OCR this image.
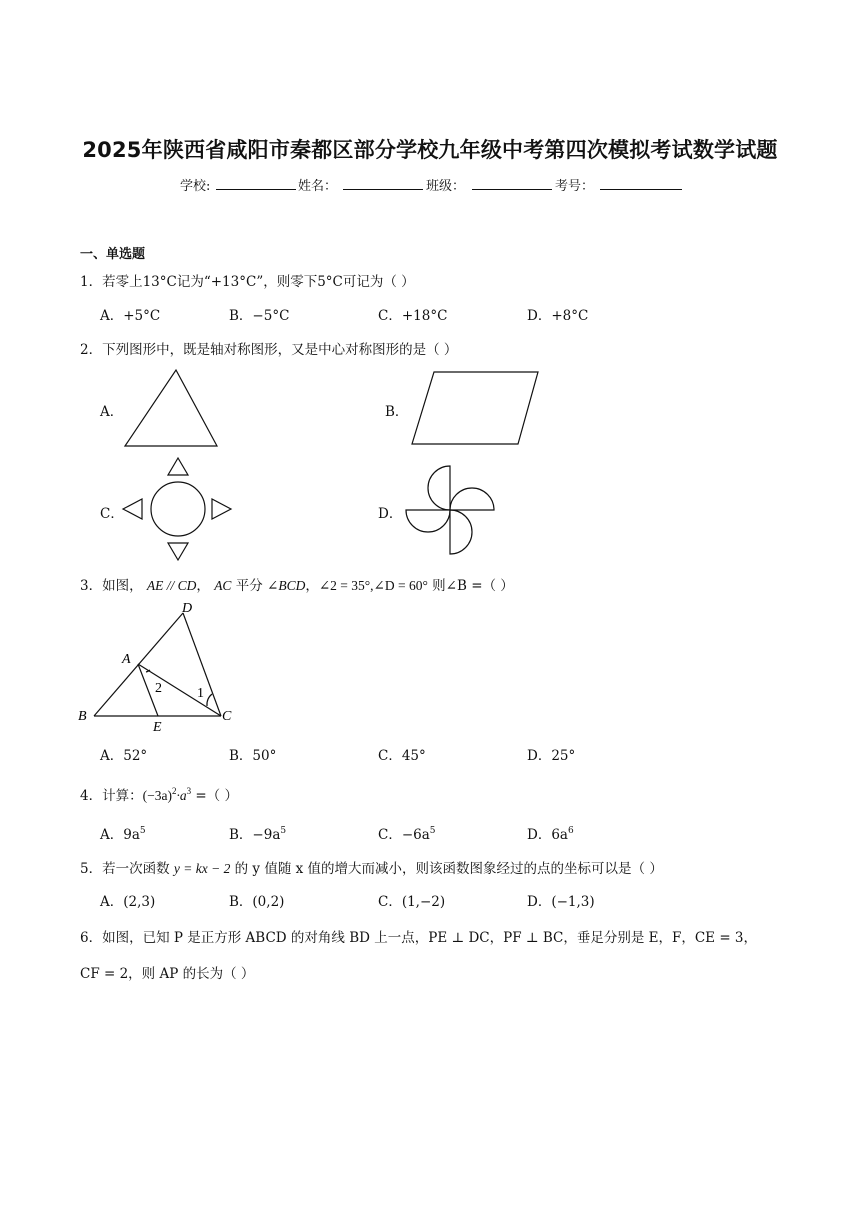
2025年陕西省咸阳市秦都区部分学校九年级中考第四次模拟考试数学试题
学校:	姓名：	班级：	考号：
一、单选题
1．若零上13°C记为“+13°C”，则零下5°C可记为（ ）
A．+5°C	B．−5°C	C．+18°C	D．+8°C
2．下列图形中，既是轴对称图形，又是中心对称图形的是（ ）
A．	B．
C．	D．
3．如图， AE // CD， AC 平分 ∠BCD，∠2 = 35°,∠D = 60° 则∠B =（ ）
D
A
B
E
C
1
2
A．52°	B．50°	C．45°	D．25°
4．计算：$(-3a)^2\cdot a^3$ =（ ）
A．$9a^5$	B．$-9a^5$	C．$-6a^5$	D．$6a^6$
5．若一次函数 y = kx − 2 的 y 值随 x 值的增大而减小，则该函数图象经过的点的坐标可以是（ ）
A．(2,3)	B．(0,2)	C．(1,−2)	D．(−1,3)
6．如图，已知 P 是正方形 ABCD 的对角线 BD 上一点，PE ⊥ DC，PF ⊥ BC，垂足分别是 E，F，CE = 3，
CF = 2，则 AP 的长为（ ）
